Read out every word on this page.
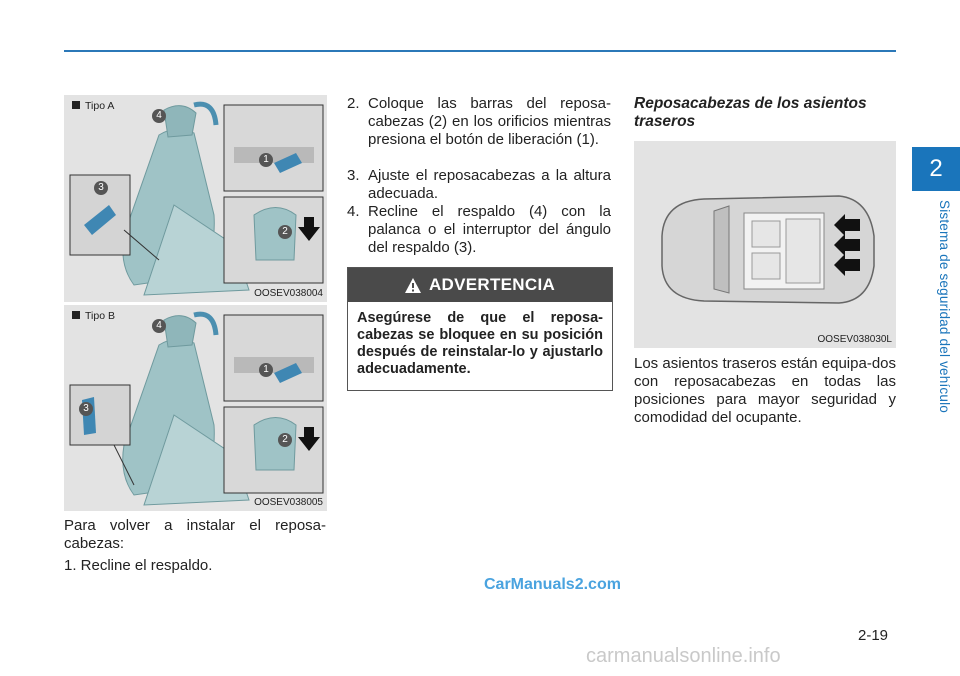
2
Sistema de seguridad del vehículo
Tipo A
4
1
3
2
OOSEV038004
Tipo B
4
1
3
2
OOSEV038005
Para volver a instalar el reposa-cabezas:
1. Recline el respaldo.
2. Coloque las barras del reposa-cabezas (2) en los orificios mientras presiona el botón de liberación (1).
3. Ajuste el reposacabezas a la altura adecuada.
4. Recline el respaldo (4) con la palanca o el interruptor del ángulo del respaldo (3).
ADVERTENCIA
Asegúrese de que el reposa-cabezas se bloquee en su posición después de reinstalar-lo y ajustarlo adecuadamente.
Reposacabezas de los asientos traseros
OOSEV038030L
Los asientos traseros están equipa-dos con reposacabezas en todas las posiciones para mayor seguridad y comodidad del ocupante.
CarManuals2.com
2-19
carmanualsonline.info
